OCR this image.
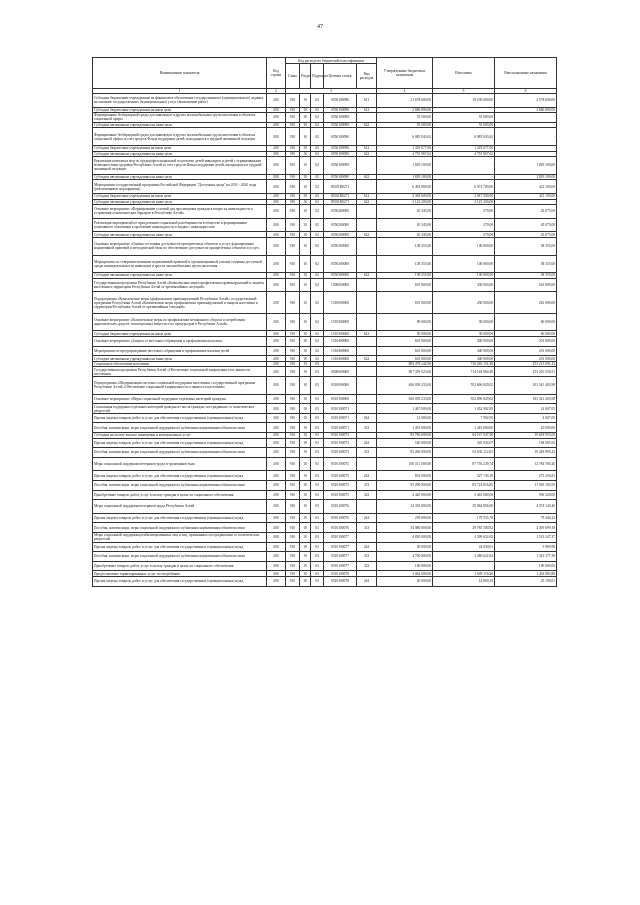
47
Наименование показателя	Код строки	Код расхода по бюджетной классификации					Утвержденные бюджетные назначения	Исполнено	Неисполненные назначения
		Глава	Раздел	Подраздел	Целевая статья	Вид расходов			
1	2	3					4	5	6
Субсидии бюджетным учреждениям на финансовое обеспечение государственного (муниципального) задания на оказание государственных (муниципальных) услуг (выполнение работ)	200	910	10	02	0550100090	611	21 678 600,00	19 100 000,00	2 578 600,00
Субсидии бюджетным учреждениям на иные цели	200	910	10	02	0550100090	612	2 686 800,00		2 686 800,00
Формирование безбарьерной среды для инвалидов и других маломобильных групп населения в объектах социальной сферы	200	910	10	02	0550100090		55 000,00	55 000,00	-
Субсидии автономным учреждениям на иные цели	200	910	10	02	0550100090	622	55 000,00	55 000,00	-
Формирование безбарьерной среды для инвалидов и других маломобильных групп населения в объектах социальной сферы за счет средств Фонда поддержки детей, находящихся в трудной жизненной ситуации	200	910	10	02	0550100090		6 085 043,62	6 085 043,62	-
Субсидии бюджетным учреждениям на иные цели	200	910	10	02	0550100090	612	1 329 077,00	1 329 077,00	-
Субсидии автономным учреждениям на иные цели	200	910	10	02	0550100090	622	4 755 967,62	4 755 967,62	-
Реализация комплекса мер по предпрофессиональной подготовке детей-инвалидов и детей с ограниченными возможностями здоровья Республики Алтай за счет средств Фонда поддержки детей, находящихся в трудной жизненной ситуации	200	910	10	02	0550100090		1 829 100,00	-	1 829 100,00
Субсидии автономным учреждениям на иные цели	200	910	10	02	0550100090	622	1 829 100,00	-	1 829 100,00
Мероприятия государственной программы Российской Федерации "Доступная среда" на 2011 - 2020 годы (реализованные мероприятия)	200	910	10	02	05501R0271		6 493 800,00	6 072 700,00	421 100,00
Субсидии бюджетным учреждениям на иные цели	200	910	10	02	05501R0271	612	3 368 600,00	2 947 500,00	421 100,00
Субсидии автономным учреждениям на иные цели	200	910	10	02	05501R0271	622	3 125 200,00	3 125 200,00	-
Основное мероприятие «Формирование условий для просвещения граждан в вопросах инвалидности и устранения отношенческих барьеров в Республике Алтай»	200	910	10	02	0550200000		45 345,00	270,00	45 075,00
Реализация мероприятий по преодолению социальной разобщенности в обществе и формированию позитивного отношения к проблемам инвалидности и людям с инвалидностью	200	910	10	02	0550200000		45 345,00	270,00	45 075,00
Субсидии автономным учреждениям на иные цели	200	910	10	02	0550200000	622	45 345,00	270,00	45 075,00
Основное мероприятие «Оценка состояния доступности приоритетных объектов и услуг, формирование нормативной правовой и методической базы по обеспечению доступности приоритетных объектов и услуг»	200	910	10	02	0550300000		138 355,00	100 000,00	38 355,00
Мероприятия по совершенствованию нормативной правовой и организационной основы создания доступной среды жизнедеятельности инвалидов и других маломобильных групп населения	200	910	10	02	0550300000		138 355,00	100 000,00	38 355,00
Субсидии автономным учреждениям на иные цели	200	910	10	02	0550300000	622	138 355,00	100 000,00	38 355,00
Государственная программа Республики Алтай «Комплексные меры профилактики правонарушений и защиты населения и территории Республики Алтай от чрезвычайных ситуаций»	200	910	10	02	1500000000		691 000,00	430 000,00	261 000,00
Подпрограмма «Комплексные меры профилактики правонарушений Республики Алтай» государственной программы Республики Алтай «Комплексные меры профилактики правонарушений и защиты населения и территории Республики Алтай от чрезвычайных ситуаций»	200	910	10	02	1510000000		691 000,00	430 000,00	261 000,00
Основное мероприятие «Комплексные меры по профилактике незаконного оборота и потребления наркотических средств, психотропных веществ и их прекурсоров в Республике Алтай»	200	910	10	02	1510300000		90 000,00	30 000,00	60 000,00
Субсидии бюджетным учреждениям на иные цели	200	910	10	02	1510300000	612	90 000,00	30 000,00	60 000,00
Основное мероприятие «Защита от жестокого обращения и профилактика насилия»	200	910	10	02	1510400000		601 000,00	400 000,00	201 000,00
Мероприятия по предупреждению жестокого обращения и профилактике насилия детей	200	910	10	02	1510400000		601 000,00	400 000,00	201 000,00
Субсидии автономным учреждениям на иные цели	200	910	10	02	1510400000	622	601 000,00	400 000,00	201 000,00
Социальное обеспечение населения	200	910	10	03			869 478 242,90	716 265 151,49	153 213 091,41
Государственная программа Республики Алтай «Обеспечение социальной защищенности и занятости населения»	200	910	10	03	0500000000		867 359 523,00	714 148 964,49	153 210 558,51
Подпрограмма «Модернизация системы социальной поддержки населения» государственной программы Республики Алтай «Обеспечение социальной защищенности и занятости населения»	200	910	10	03	0510000000		656 038 233,00	552 696 829,02	103 341 403,98
Основное мероприятие «Меры социальной поддержки отдельных категорий граждан»	200	910	10	03	0510100000		656 038 233,00	552 696 829,02	103 341 403,98
Социальная поддержка отдельных категорий граждан из числа граждан, пострадавших от политических репрессий	200	910	10	03	0510100071		1 467 000,00	1 452 992,95	14 007,05
Прочая закупка товаров, работ и услуг для обеспечения государственных (муниципальных) нужд	200	910	10	03	0510100071	244	12 000,00	7 992,95	4 007,05
Пособия, компенсации, меры социальной поддержки по публичным нормативным обязательствам	200	910	10	03	0510100071	313	1 455 000,00	1 445 000,00	10 000,00
Субсидии на оплату жилого помещения и коммунальных услуг	200	910	10	03	0510100073		83 786 000,00	64 167 047,00	19 618 953,00
Прочая закупка товаров, работ и услуг для обеспечения государственных (муниципальных) нужд	200	910	10	03	0510100073	244	520 000,00	345 934,07	184 065,93
Пособия, компенсации, меры социальной поддержки по публичным нормативным обязательствам	200	910	10	03	0510100073	313	83 266 000,00	63 843 112,05	19 418 995,25
Меры социальной поддержки ветеранов труда и тружеников тыла	200	910	10	03	0510100075		100 511 000,00	87 736 239,74	12 784 760,26
Прочая закупка товаров, работ и услуг для обеспечения государственных (муниципальных) нужд	200	910	10	03	0510100075	244	801 000,00	527 743,19	273 256,81
Пособия, компенсации, меры социальной поддержки по публичным нормативным обязательствам	200	910	10	03	0510100075	313	95 290 000,00	83 724 816,85	11 565 183,95
Приобретение товаров, работ, услуг в пользу граждан в целях их социального обеспечения	200	910	10	03	0510100075	323	4 420 000,00	3 463 680,00	956 320,00
Меры социальной поддержки ветеранов труда Республики Алтай	200	910	10	03	0510100076		34 339 000,00	29 964 856,00	4 374 143,40
Прочая закупка товаров, работ и услуг для обеспечения государственных (муниципальных) нужд	200	910	10	03	0510100076	244	259 000,00	179 555,78	79 444,22
Пособия, компенсации, меры социальной поддержки по публичным нормативным обязательствам	200	910	10	03	0510100076	313	34 080 000,00	29 785 300,82	4 305 699,18
Меры социальной поддержки реабилитированных лиц и лиц, признанных пострадавшими от политических репрессий	200	910	10	03	0510100077		4 830 000,00	3 309 652,63	1 519 347,37
Прочая закупка товаров, работ и услуг для обеспечения государственных (муниципальных) нужд	200	910	10	03	0510100077	244	30 000,00	24 030,01	5 969,99
Пособия, компенсации, меры социальной поддержки по публичным нормативным обязательствам	200	910	10	03	0510100077	313	4 700 000,00	3 286 622,62	1 413 377,38
Приобретение товаров, работ, услуг в пользу граждан в целях их социального обеспечения	200	910	10	03	0510100077	323	100 000,00		100 000,00
Предоставление гарантированных услуг по погребению	200	910	10	03	0510100078		3 064 000,00	1 609 116,20	1 454 883,80
Прочая закупка товаров, работ и услуг для обеспечения государственных (муниципальных) нужд	200	910	10	03	0510100078	244	40 000,00	14 800,39	25 199,61
